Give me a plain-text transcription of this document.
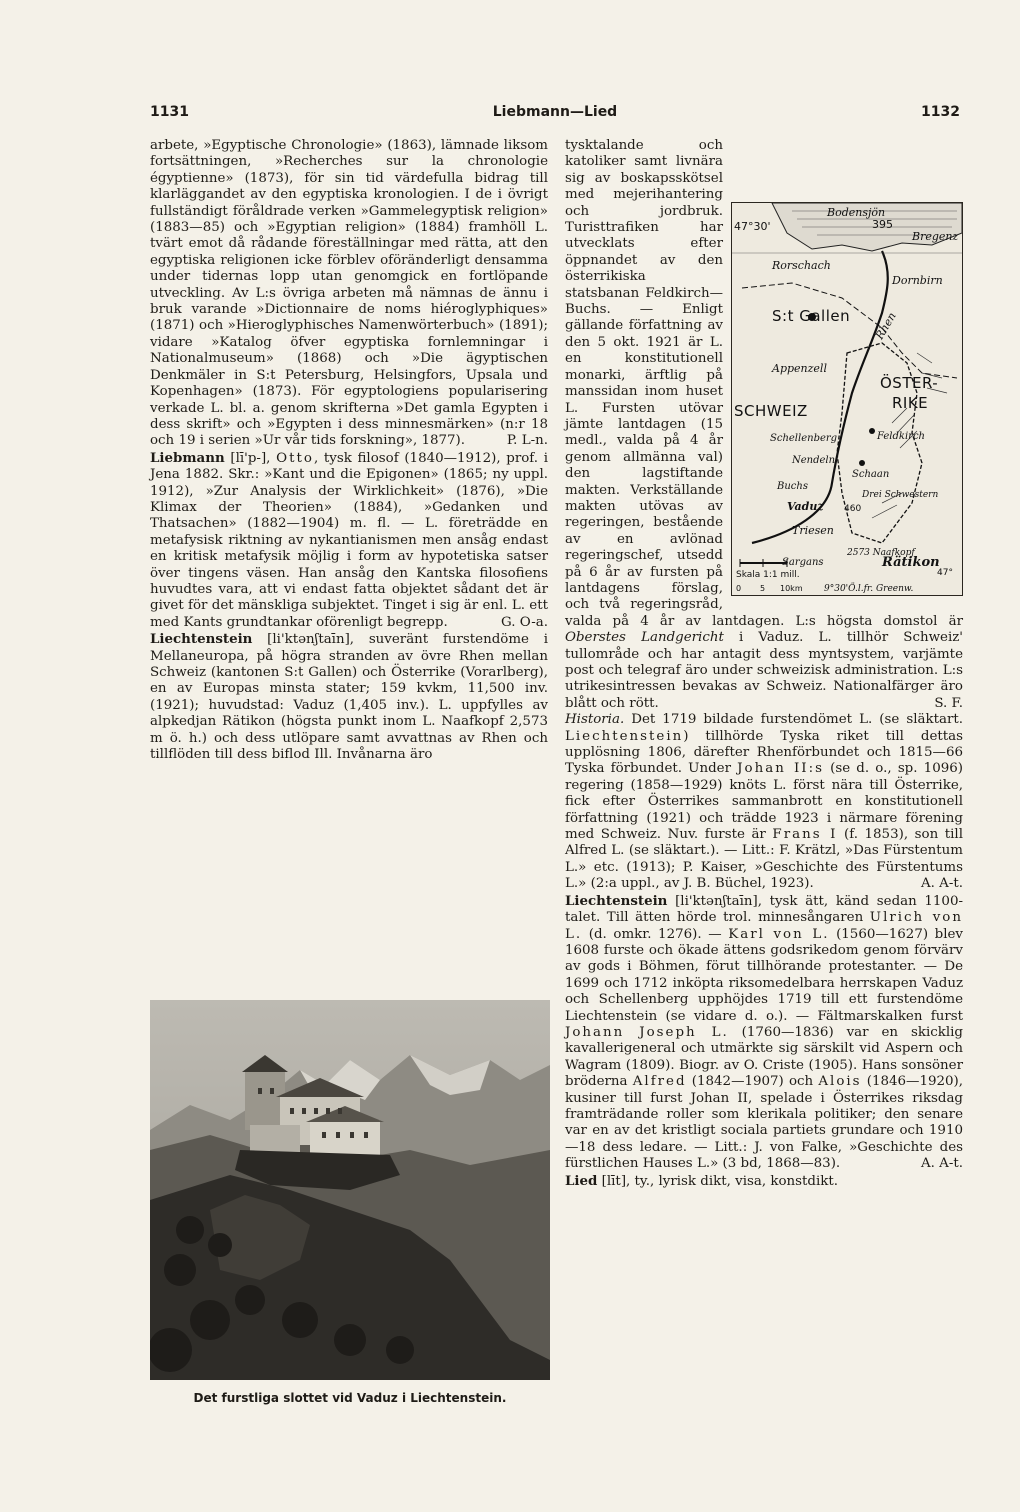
1131	Liebmann—Lied	1132

arbete, »Egyptische Chronologie» (1863), lämnade liksom fortsättningen, »Recherches sur la chronologie égyptienne» (1873), för sin tid värdefulla bidrag till klarläggandet av den egyptiska kronologien. I de i övrigt fullständigt föråldrade verken »Gammelegyptisk religion» (1883—85) och »Egyptian religion» (1884) framhöll L. tvärt emot då rådande föreställningar med rätta, att den egyptiska religionen icke förblev oföränderligt densamma under tidernas lopp utan genomgick en fortlöpande utveckling. Av L:s övriga arbeten må nämnas de ännu i bruk varande »Dictionnaire de noms hiéroglyphiques» (1871) och »Hieroglyphisches Namenwörterbuch» (1891); vidare »Katalog öfver egyptiska fornlemningar i Nationalmuseum» (1868) och »Die ägyptischen Denkmäler in S:t Petersburg, Helsingfors, Upsala und Kopenhagen» (1873). För egyptologiens popularisering verkade L. bl. a. genom skrifterna »Det gamla Egypten i dess skrift» och »Egypten i dess minnesmärken» (n:r 18 och 19 i serien »Ur vår tids forskning», 1877).	P. L-n.

Liebmann [lī'p-], Otto, tysk filosof (1840—1912), prof. i Jena 1882. Skr.: »Kant und die Epigonen» (1865; ny uppl. 1912), »Zur Analysis der Wirklichkeit» (1876), »Die Klimax der Theorien» (1884), »Gedanken und Thatsachen» (1882—1904) m. fl. — L. företrädde en metafysisk riktning av nykantianismen men ansåg endast en kritisk metafysik möjlig i form av hypotetiska satser över tingens väsen. Han ansåg den Kantska filosofiens huvudtes vara, att vi endast fatta objektet sådant det är givet för det mänskliga subjektet. Tinget i sig är enl. L. ett med Kants grundtankar oförenligt begrepp.	G. O-a.

Liechtenstein [li'ktənʃtaīn], suveränt furstendöme i Mellaneuropa, på högra stranden av övre Rhen mellan Schweiz (kantonen S:t Gallen) och Österrike (Vorarlberg), en av Europas minsta stater; 159 kvkm, 11,500 inv. (1921); huvudstad: Vaduz (1,405 inv.). L. uppfylles av alpkedjan Rätikon (högsta punkt inom L. Naafkopf 2,573 m ö. h.) och dess utlöpare samt avvattnas av Rhen och tillflöden till dess biflod Ill. Invånarna äro

Det furstliga slottet vid Vaduz i Liechtenstein.
Bodensjön
395
Bregenz
47°30'
Rorschach
Dornbirn
S:t Gallen Rhen
Appenzell
ÖSTER-
RIKE
SCHWEIZ
Schellenberg	Feldkirch
Nendeln
Schaan
Buchs
Drei Schwestern
Vaduz 460
Triesen
2573 Naafkopf
Sargans	Rätikon
Skala 1:1 mill.
0 5 10km
47°
9°30'Ö.l.fr. Greenw.

tysktalande och katoliker samt livnära sig av boskapsskötsel med mejerihantering och jordbruk. Turisttrafiken har utvecklats efter öppnandet av den österrikiska statsbanan Feldkirch—Buchs. — Enligt gällande författning av den 5 okt. 1921 är L. en konstitutionell monarki, ärftlig på manssidan inom huset L. Fursten utövar jämte lantdagen (15 medl., valda på 4 år genom allmänna val) den lagstiftande makten. Verkställande makten utövas av regeringen, bestående av en avlönad regeringschef, utsedd på 6 år av fursten på lantdagens förslag, och två regeringsråd, valda på 4 år av lantdagen. L:s högsta domstol är Oberstes Landgericht i Vaduz. L. tillhör Schweiz' tullområde och har antagit dess myntsystem, varjämte post och telegraf äro under schweizisk administration. L:s utrikesintressen bevakas av Schweiz. Nationalfärger äro blått och rött.	S. F.

Historia. Det 1719 bildade furstendömet L. (se släktart. Liechtenstein) tillhörde Tyska riket till dettas upplösning 1806, därefter Rhenförbundet och 1815—66 Tyska förbundet. Under Johan II:s (se d. o., sp. 1096) regering (1858—1929) knöts L. först nära till Österrike, fick efter Österrikes sammanbrott en konstitutionell författning (1921) och trädde 1923 i närmare förening med Schweiz. Nuv. furste är Frans I (f. 1853), son till Alfred L. (se släktart.). — Litt.: F. Krätzl, »Das Fürstentum L.» etc. (1913); P. Kaiser, »Geschichte des Fürstentums L.» (2:a uppl., av J. B. Büchel, 1923).	A. A-t.

Liechtenstein [li'ktənʃtaīn], tysk ätt, känd sedan 1100-talet. Till ätten hörde trol. minnesångaren Ulrich von L. (d. omkr. 1276). — Karl von L. (1560—1627) blev 1608 furste och ökade ättens godsrikedom genom förvärv av gods i Böhmen, förut tillhörande protestanter. — De 1699 och 1712 inköpta riksomedelbara herrskapen Vaduz och Schellenberg upphöjdes 1719 till ett furstendöme Liechtenstein (se vidare d. o.). — Fältmarskalken furst Johann Joseph L. (1760—1836) var en skicklig kavallerigeneral och utmärkte sig särskilt vid Aspern och Wagram (1809). Biogr. av O. Criste (1905). Hans sonsöner bröderna Alfred (1842—1907) och Alois (1846—1920), kusiner till furst Johan II, spelade i Österrikes riksdag framträdande roller som klerikala politiker; den senare var en av det kristligt sociala partiets grundare och 1910—18 dess ledare. — Litt.: J. von Falke, »Geschichte des fürstlichen Hauses L.» (3 bd, 1868—83).	A. A-t.

Lied [līt], ty., lyrisk dikt, visa, konstdikt.
